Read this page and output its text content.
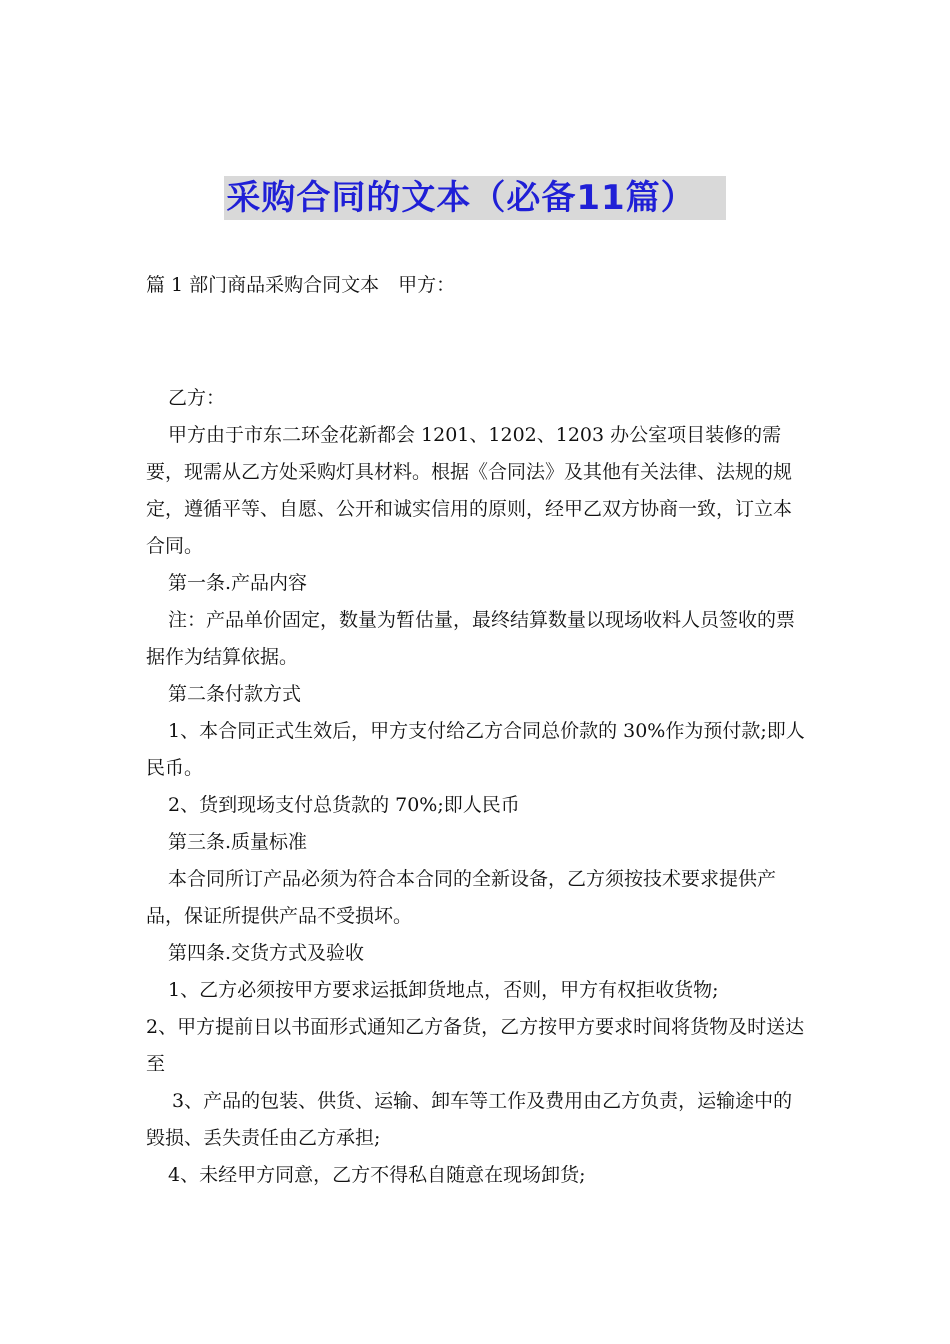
采购合同的文本（必备11篇）
篇 1 部门商品采购合同文本　甲方：

乙方：

甲方由于市东二环金花新都会 1201、1202、1203 办公室项目装修的需要，现需从乙方处采购灯具材料。根据《合同法》及其他有关法律、法规的规定，遵循平等、自愿、公开和诚实信用的原则，经甲乙双方协商一致，订立本合同。

第一条.产品内容

注：产品单价固定，数量为暂估量，最终结算数量以现场收料人员签收的票据作为结算依据。

第二条付款方式

1、本合同正式生效后，甲方支付给乙方合同总价款的 30%作为预付款;即人民币。

2、货到现场支付总货款的 70%;即人民币

第三条.质量标准

本合同所订产品必须为符合本合同的全新设备，乙方须按技术要求提供产品，保证所提供产品不受损坏。

第四条.交货方式及验收

1、乙方必须按甲方要求运抵卸货地点，否则，甲方有权拒收货物;

2、甲方提前日以书面形式通知乙方备货，乙方按甲方要求时间将货物及时送达至

3、产品的包装、供货、运输、卸车等工作及费用由乙方负责，运输途中的毁损、丢失责任由乙方承担;

4、未经甲方同意，乙方不得私自随意在现场卸货;
